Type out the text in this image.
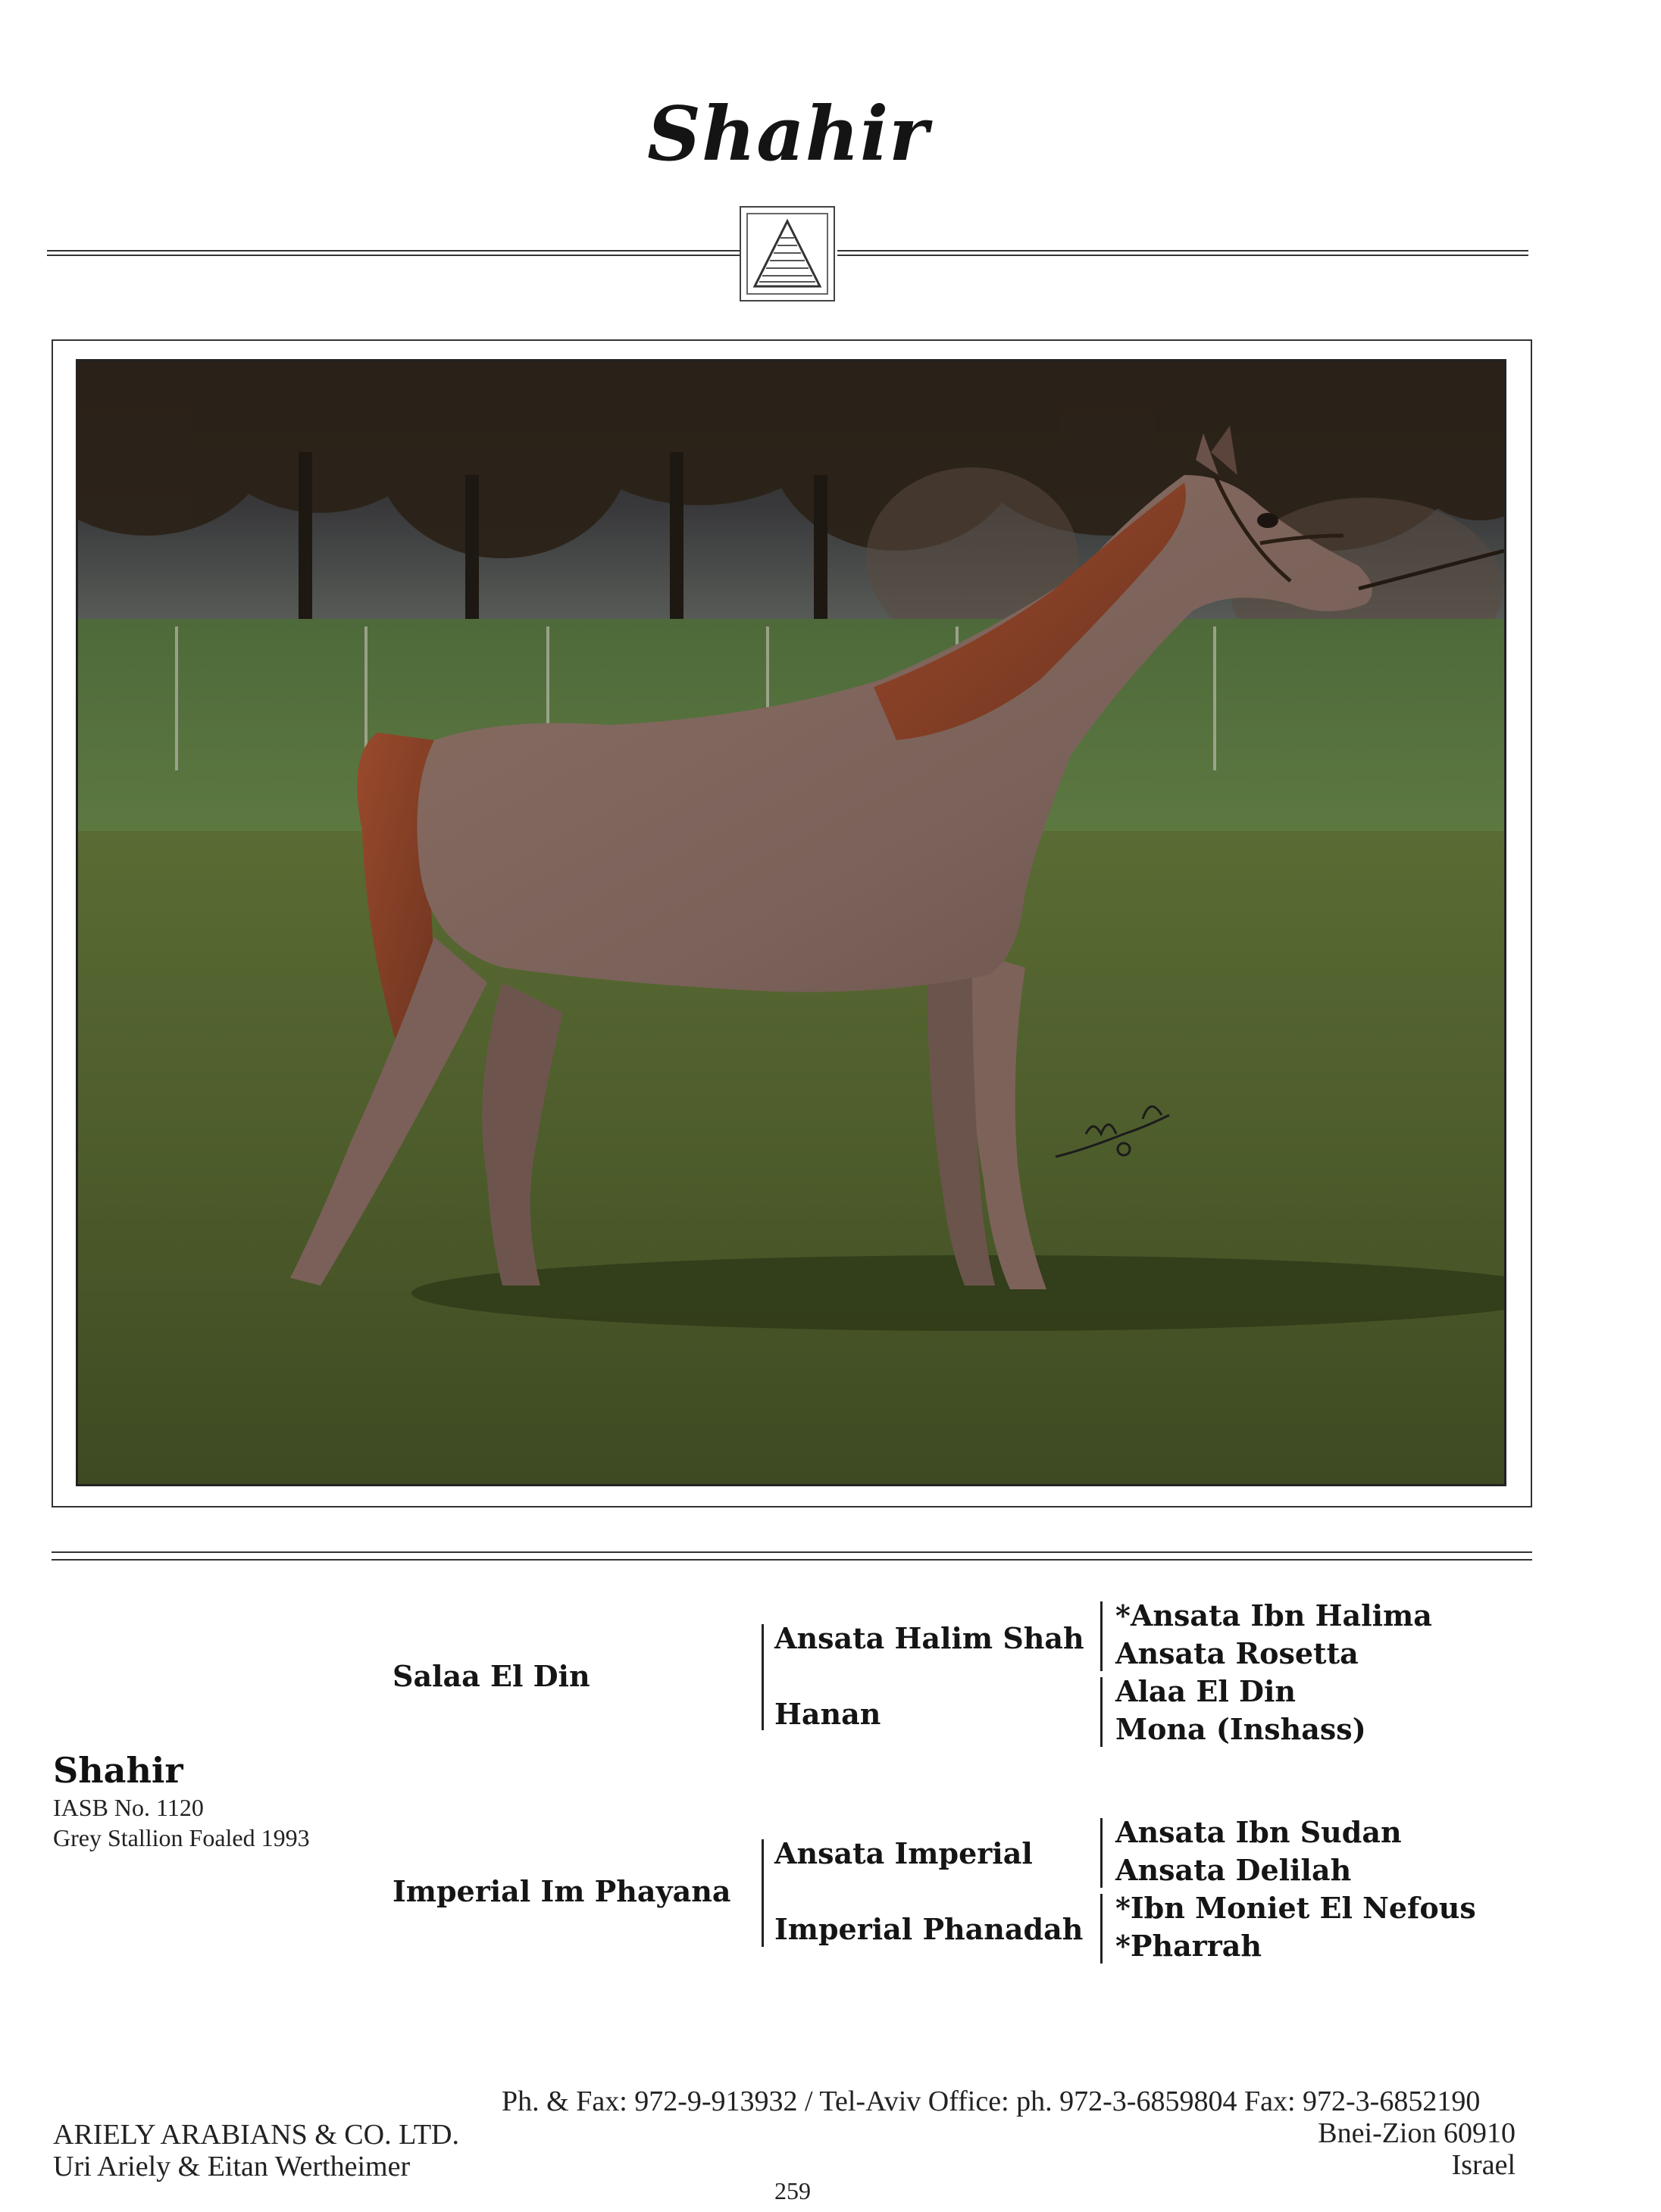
Shahir
Shahir
IASB No. 1120
Grey Stallion Foaled 1993
Salaa El Din
Imperial Im Phayana
Ansata Halim Shah
Hanan
Ansata Imperial
Imperial Phanadah
*Ansata Ibn Halima
Ansata Rosetta
Alaa El Din
Mona (Inshass)
Ansata Ibn Sudan
Ansata Delilah
*Ibn Moniet El Nefous
*Pharrah
Ph. & Fax: 972-9-913932 / Tel-Aviv Office: ph. 972-3-6859804 Fax: 972-3-6852190
ARIELY ARABIANS & CO. LTD.
Uri Ariely & Eitan Wertheimer
Bnei-Zion 60910
Israel
259
